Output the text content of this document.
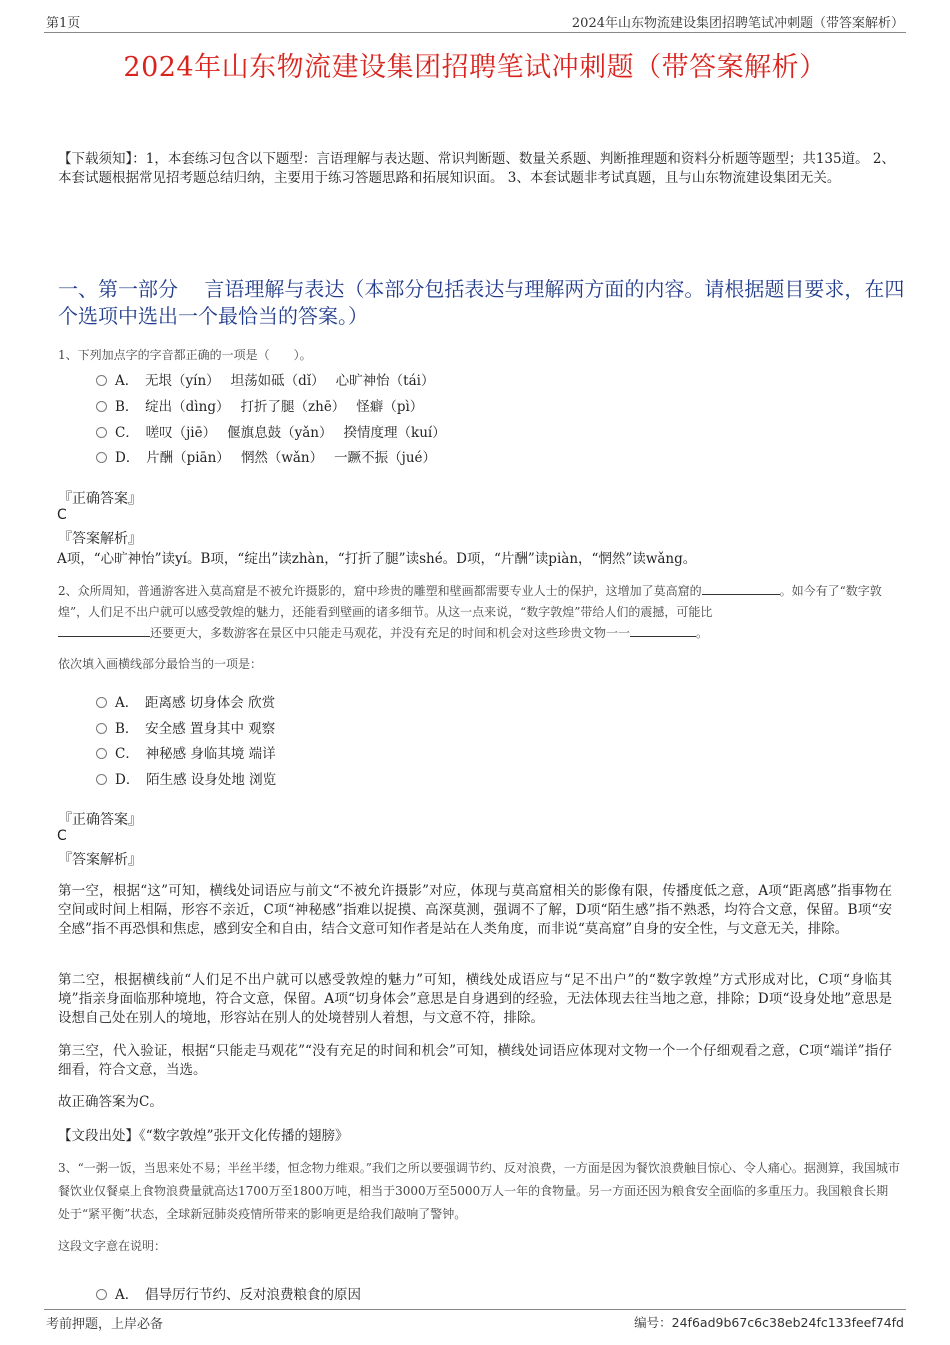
第1页	2024年山东物流建设集团招聘笔试冲刺题（带答案解析）
2024年山东物流建设集团招聘笔试冲刺题（带答案解析）
【下载须知】：1，本套练习包含以下题型：言语理解与表达题、常识判断题、数量关系题、判断推理题和资料分析题等题型；共135道。 2、本套试题根据常见招考题总结归纳，主要用于练习答题思路和拓展知识面。 3、本套试题非考试真题，且与山东物流建设集团无关。
一、第一部分　 言语理解与表达（本部分包括表达与理解两方面的内容。请根据题目要求，在四个选项中选出一个最恰当的答案。）
1、下列加点字的字音都正确的一项是（　　）。
A．　无垠（yín）　 坦荡如砥（dǐ）　 心旷神怡（tái）
B．　绽出（dìng）　 打折了腿（zhē）　 怪癖（pì）
C．　嗟叹（jiē）　 偃旗息鼓（yǎn）　 揆情度理（kuí）
D．　片酬（piān）　 惘然（wǎn）　 一蹶不振（jué）
『正确答案』
C
『答案解析』
A项，“心旷神怡”读yí。B项，“绽出”读zhàn，“打折了腿”读shé。D项，“片酬”读piàn，“惘然”读wǎng。
2、众所周知，普通游客进入莫高窟是不被允许摄影的，窟中珍贵的雕塑和壁画都需要专业人士的保护，这增加了莫高窟的	。如今有了“数字敦煌”，人们足不出户就可以感受敦煌的魅力，还能看到壁画的诸多细节。从这一点来说，“数字敦煌”带给人们的震撼，可能比
还要更大，多数游客在景区中只能走马观花，并没有充足的时间和机会对这些珍贵文物一一	。
依次填入画横线部分最恰当的一项是：
A．　距离感 切身体会 欣赏
B．　安全感 置身其中 观察
C．　神秘感 身临其境 端详
D．　陌生感 设身处地 浏览
『正确答案』
C
『答案解析』
第一空，根据“这”可知，横线处词语应与前文“不被允许摄影”对应，体现与莫高窟相关的影像有限，传播度低之意，A项“距离感”指事物在空间或时间上相隔，形容不亲近，C项“神秘感”指难以捉摸、高深莫测，强调不了解，D项“陌生感”指不熟悉，均符合文意，保留。B项“安全感”指不再恐惧和焦虑，感到安全和自由，结合文意可知作者是站在人类角度，而非说“莫高窟”自身的安全性，与文意无关，排除。
第二空，根据横线前“人们足不出户就可以感受敦煌的魅力”可知，横线处成语应与“足不出户”的“数字敦煌”方式形成对比，C项“身临其境”指亲身面临那种境地，符合文意，保留。A项“切身体会”意思是自身遇到的经验，无法体现去往当地之意，排除；D项“设身处地”意思是设想自己处在别人的境地，形容站在别人的处境替别人着想，与文意不符，排除。
第三空，代入验证，根据“只能走马观花”“没有充足的时间和机会”可知，横线处词语应体现对文物一个一个仔细观看之意，C项“端详”指仔细看，符合文意，当选。
故正确答案为C。
【文段出处】《“数字敦煌”张开文化传播的翅膀》
3、“一粥一饭，当思来处不易；半丝半缕，恒念物力维艰。”我们之所以要强调节约、反对浪费，一方面是因为餐饮浪费触目惊心、令人痛心。据测算，我国城市餐饮业仅餐桌上食物浪费量就高达1700万至1800万吨，相当于3000万至5000万人一年的食物量。另一方面还因为粮食安全面临的多重压力。我国粮食长期处于“紧平衡”状态，全球新冠肺炎疫情所带来的影响更是给我们敲响了警钟。
这段文字意在说明：
A．　倡导厉行节约、反对浪费粮食的原因
考前押题，上岸必备	编号：24f6ad9b67c6c38eb24fc133feef74fd
